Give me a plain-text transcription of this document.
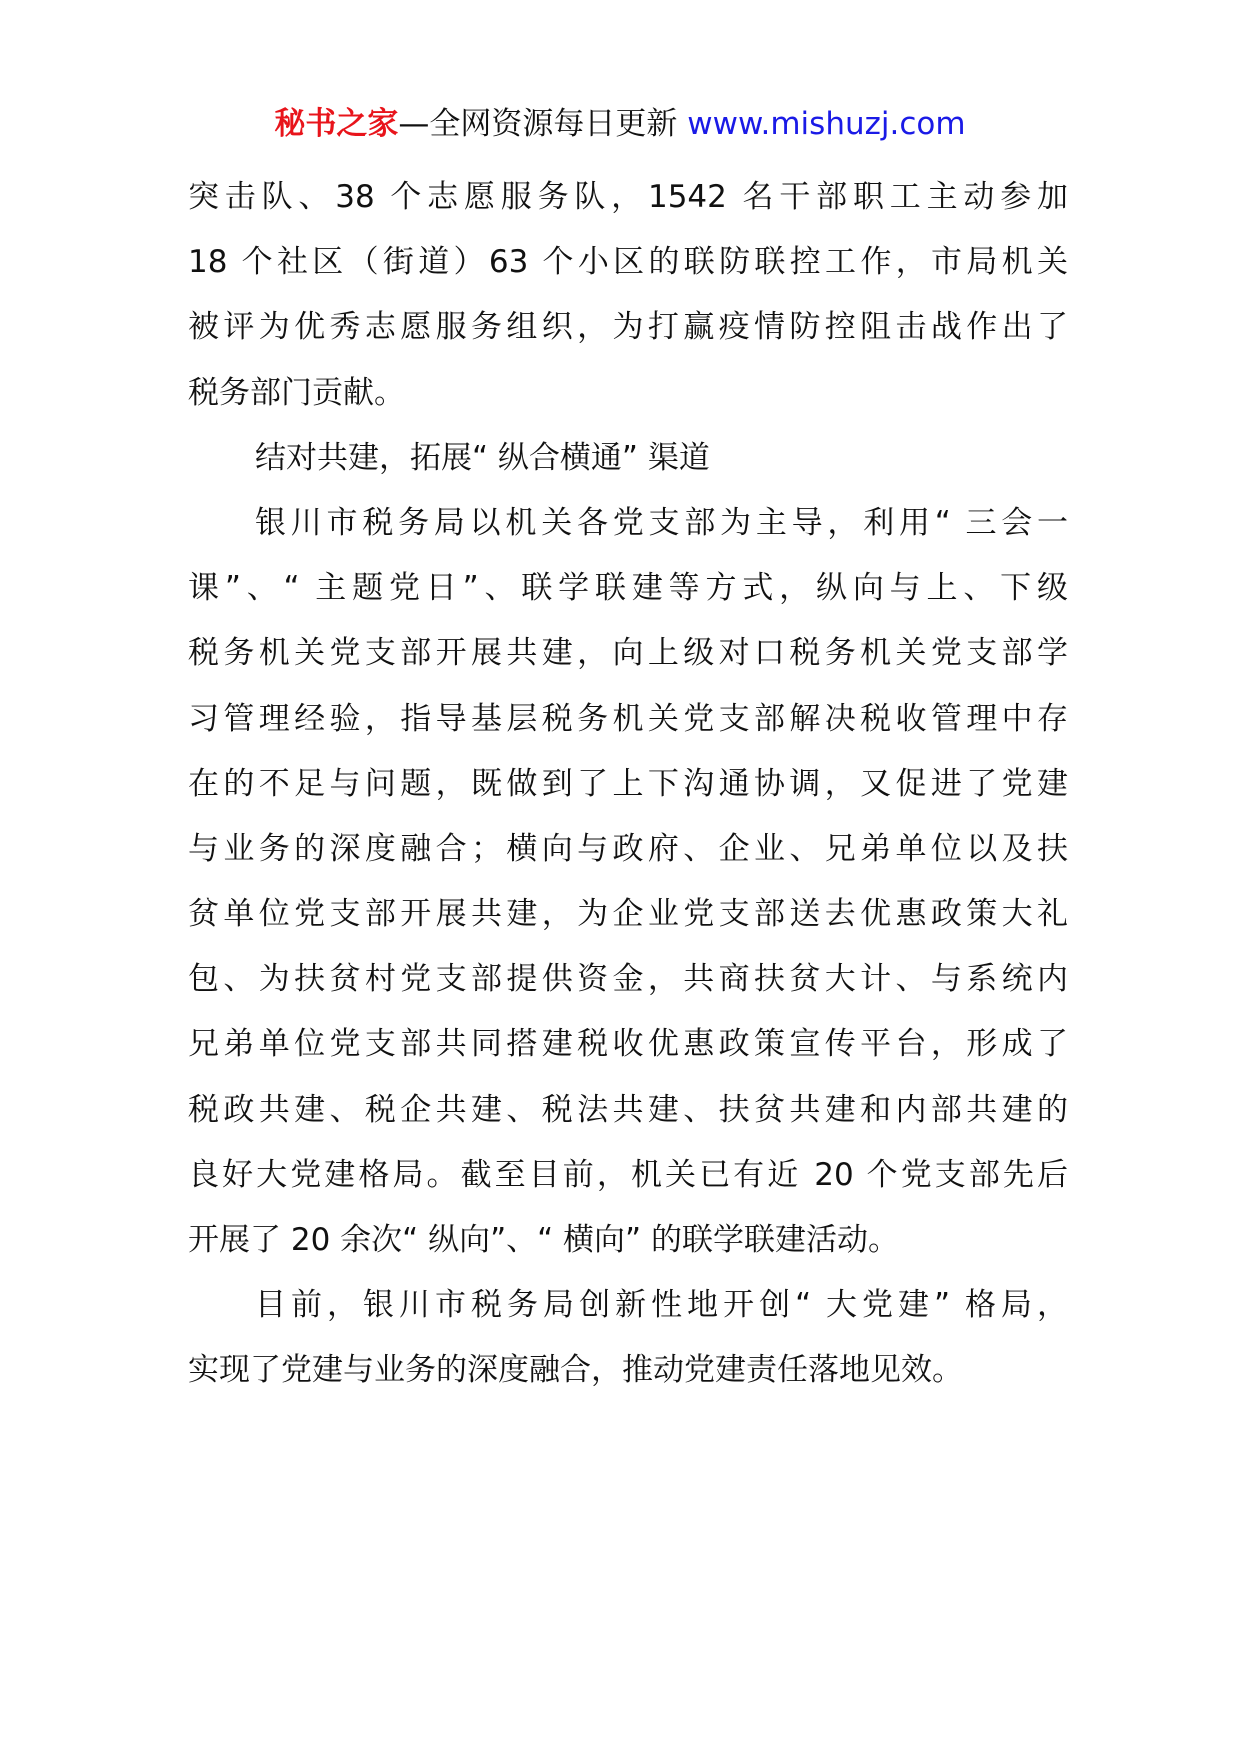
秘书之家—全网资源每日更新 www.mishuzj.com
突击队、38 个志愿服务队，1542 名干部职工主动参加
18 个社区（街道）63 个小区的联防联控工作，市局机关
被评为优秀志愿服务组织，为打赢疫情防控阻击战作出了
税务部门贡献。
结对共建，拓展“ 纵合横通” 渠道
银川市税务局以机关各党支部为主导，利用“ 三会一
课”、“ 主题党日”、联学联建等方式，纵向与上、下级
税务机关党支部开展共建，向上级对口税务机关党支部学
习管理经验，指导基层税务机关党支部解决税收管理中存
在的不足与问题，既做到了上下沟通协调，又促进了党建
与业务的深度融合；横向与政府、企业、兄弟单位以及扶
贫单位党支部开展共建，为企业党支部送去优惠政策大礼
包、为扶贫村党支部提供资金，共商扶贫大计、与系统内
兄弟单位党支部共同搭建税收优惠政策宣传平台，形成了
税政共建、税企共建、税法共建、扶贫共建和内部共建的
良好大党建格局。截至目前，机关已有近 20 个党支部先后
开展了 20 余次“ 纵向”、“ 横向” 的联学联建活动。
目前，银川市税务局创新性地开创“ 大党建” 格局，
实现了党建与业务的深度融合，推动党建责任落地见效。
